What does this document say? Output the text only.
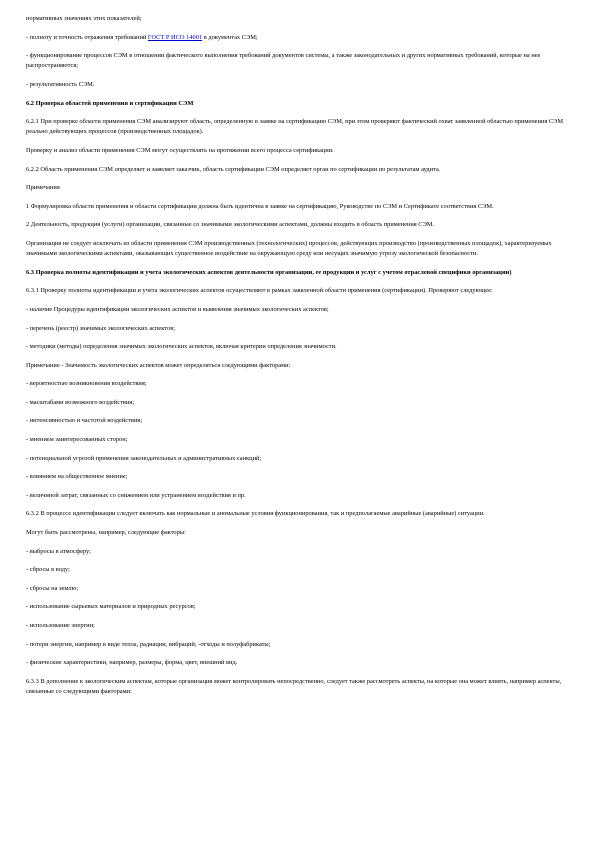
нормативных значениях этих показателей;
- полноту и точность отражения требований ГОСТ Р ИСО 14001 в документах СЭМ;
- функционирование процессов СЭМ в отношении фактического выполнения требований документов системы, а также законодательных и других нормативных требований, которые на нее распространяются;
- результативность СЭМ.
6.2 Проверка областей применения и сертификации СЭМ
6.2.1 При проверке области применения СЭМ анализируют область, определенную в заявке на сертификацию СЭМ, при этом проверяют фактический охват заявленной областью применения СЭМ реально действующих процессов (производственных площадок).
Проверку и анализ области применения СЭМ могут осуществлять на протяжении всего процесса сертификации.
6.2.2 Область применения СЭМ определяет и заявляет заказчик, область сертификации СЭМ определяет орган по сертификации по результатам аудита.
Примечания
1 Формулировка области применения и области сертификации должна быть идентична в заявке на сертификацию, Руководстве по СЭМ и Сертификате соответствия СЭМ.
2 Деятельность, продукция (услуги) организации, связанные со значимыми экологическими аспектами, должны входить в область применения СЭМ.
Организация не следует исключать из области применения СЭМ производственных (технологических) процессов, действующих производство (производственных площадок), характеризуемых значимыми экологическими аспектами, оказывающих существенное воздействие на окружающую среду или несущих значимую угрозу экологической безопасности.
6.3 Проверка полноты идентификации и учета экологических аспектов деятельности организации, ее продукции и услуг с учетом отраслевой специфики организации)
6.3.1 Проверку полноты идентификации и учета экологических аспектов осуществляют в рамках заявленной области применения (сертификации). Проверяют следующее:
- наличие Процедуры идентификации экологических аспектов и выявления значимых экологических аспектов;
- перечень (реестр) значимых экологических аспектов;
- методики (методы) определения значимых экологических аспектов, включая критерии определения значимости.
Примечание - Значимость экологических аспектов может определяться следующими факторами:
- вероятностью возникновения воздействия;
- масштабами возможного воздействия;
- интенсивностью и частотой воздействия;
- мнением заинтересованных сторон;
- потенциальной угрозой применения законодательных и административных санкций;
- влиянием на общественное мнение;
- величиной затрат, связанных со снижением или устранением воздействия и пр.
6.3.2 В процессе идентификации следует включать как нормальные и аномальные условия функционирования, так и предполагаемые аварийные (аварийные) ситуации.
Могут быть рассмотрены, например, следующие факторы:
- выбросы в атмосферу;
- сбросы в воду;
- сбросы на землю;
- использование сырьевых материалов и природных ресурсов;
- использование энергии;
- потери энергии, например в виде тепла, радиации, вибраций; -отходы и полуфабрикаты;
- физические характеристики, например, размеры, форма, цвет, внешний вид.
6.3.3 В дополнение к экологическим аспектам, которые организация может контролировать непосредственно, следует также рассмотреть аспекты, на которые она может влиять, например аспекты, связанные со следующими факторами:
